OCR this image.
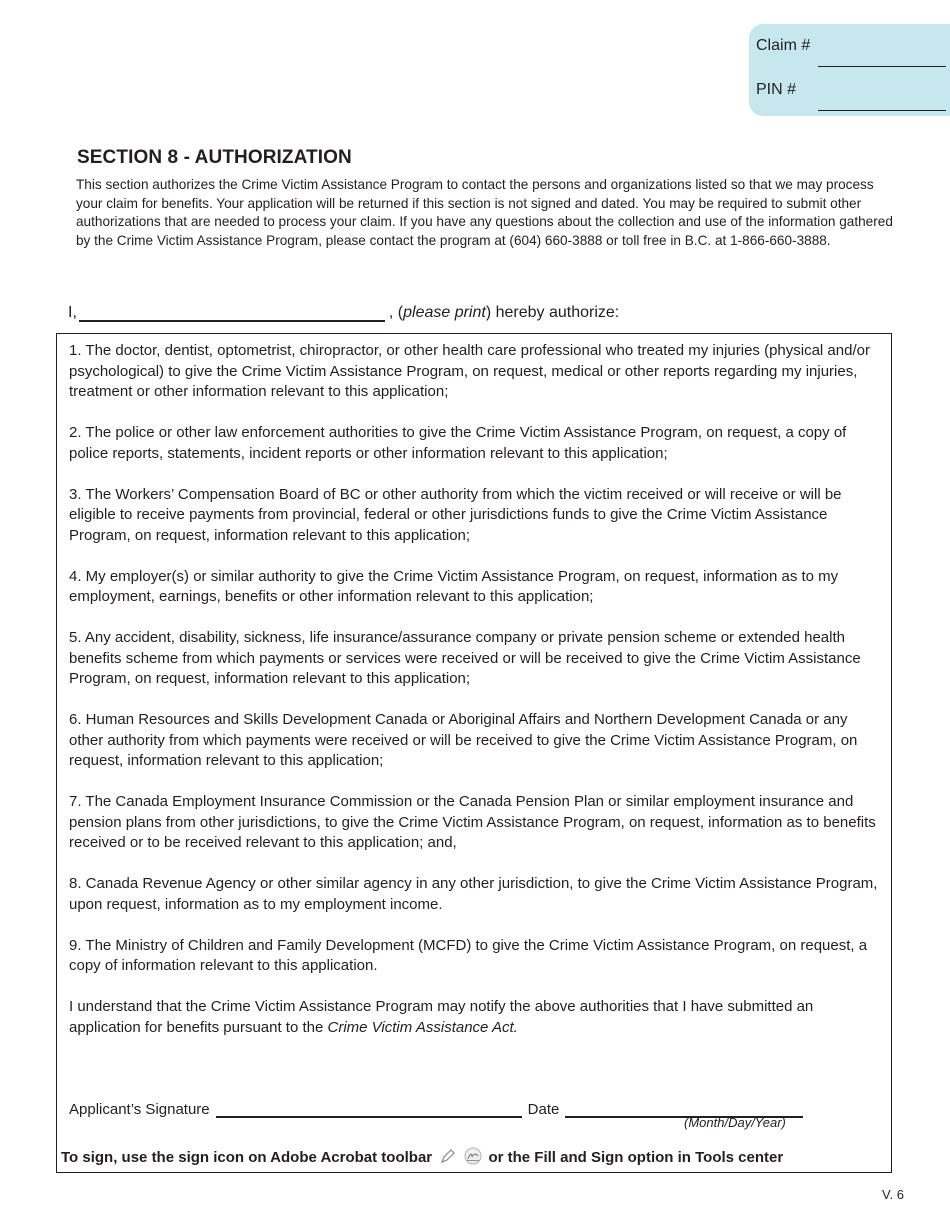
Claim #
PIN #
SECTION 8 - AUTHORIZATION

This section authorizes the Crime Victim Assistance Program to contact the persons and organizations listed so that we may process your claim for benefits. Your application will be returned if this section is not signed and dated. You may be required to submit other authorizations that are needed to process your claim. If you have any questions about the collection and use of the information gathered by the Crime Victim Assistance Program, please contact the program at (604) 660-3888 or toll free in B.C. at 1-866-660-3888.

I,	, (please print) hereby authorize:
1. The doctor, dentist, optometrist, chiropractor, or other health care professional who treated my injuries (physical and/or psychological) to give the Crime Victim Assistance Program, on request, medical or other reports regarding my injuries, treatment or other information relevant to this application;
2. The police or other law enforcement authorities to give the Crime Victim Assistance Program, on request, a copy of police reports, statements, incident reports or other information relevant to this application;
3. The Workers’ Compensation Board of BC or other authority from which the victim received or will receive or will be eligible to receive payments from provincial, federal or other jurisdictions funds to give the Crime Victim Assistance Program, on request, information relevant to this application;
4. My employer(s) or similar authority to give the Crime Victim Assistance Program, on request, information as to my employment, earnings, benefits or other information relevant to this application;
5. Any accident, disability, sickness, life insurance/assurance company or private pension scheme or extended health benefits scheme from which payments or services were received or will be received to give the Crime Victim Assistance Program, on request, information relevant to this application;
6. Human Resources and Skills Development Canada or Aboriginal Affairs and Northern Development Canada or any other authority from which payments were received or will be received to give the Crime Victim Assistance Program, on request, information relevant to this application;
7. The Canada Employment Insurance Commission or the Canada Pension Plan or similar employment insurance and pension plans from other jurisdictions, to give the Crime Victim Assistance Program, on request, information as to benefits received or to be received relevant to this application; and,
8. Canada Revenue Agency or other similar agency in any other jurisdiction, to give the Crime Victim Assistance Program, upon request, information as to my employment income.
9. The Ministry of Children and Family Development (MCFD) to give the Crime Victim Assistance Program, on request, a copy of information relevant to this application.
I understand that the Crime Victim Assistance Program may notify the above authorities that I have submitted an application for benefits pursuant to the Crime Victim Assistance Act.
Applicant’s Signature	Date
(Month/Day/Year)
To sign, use the sign icon on Adobe Acrobat toolbar	or the Fill and Sign option in Tools center
V. 6
